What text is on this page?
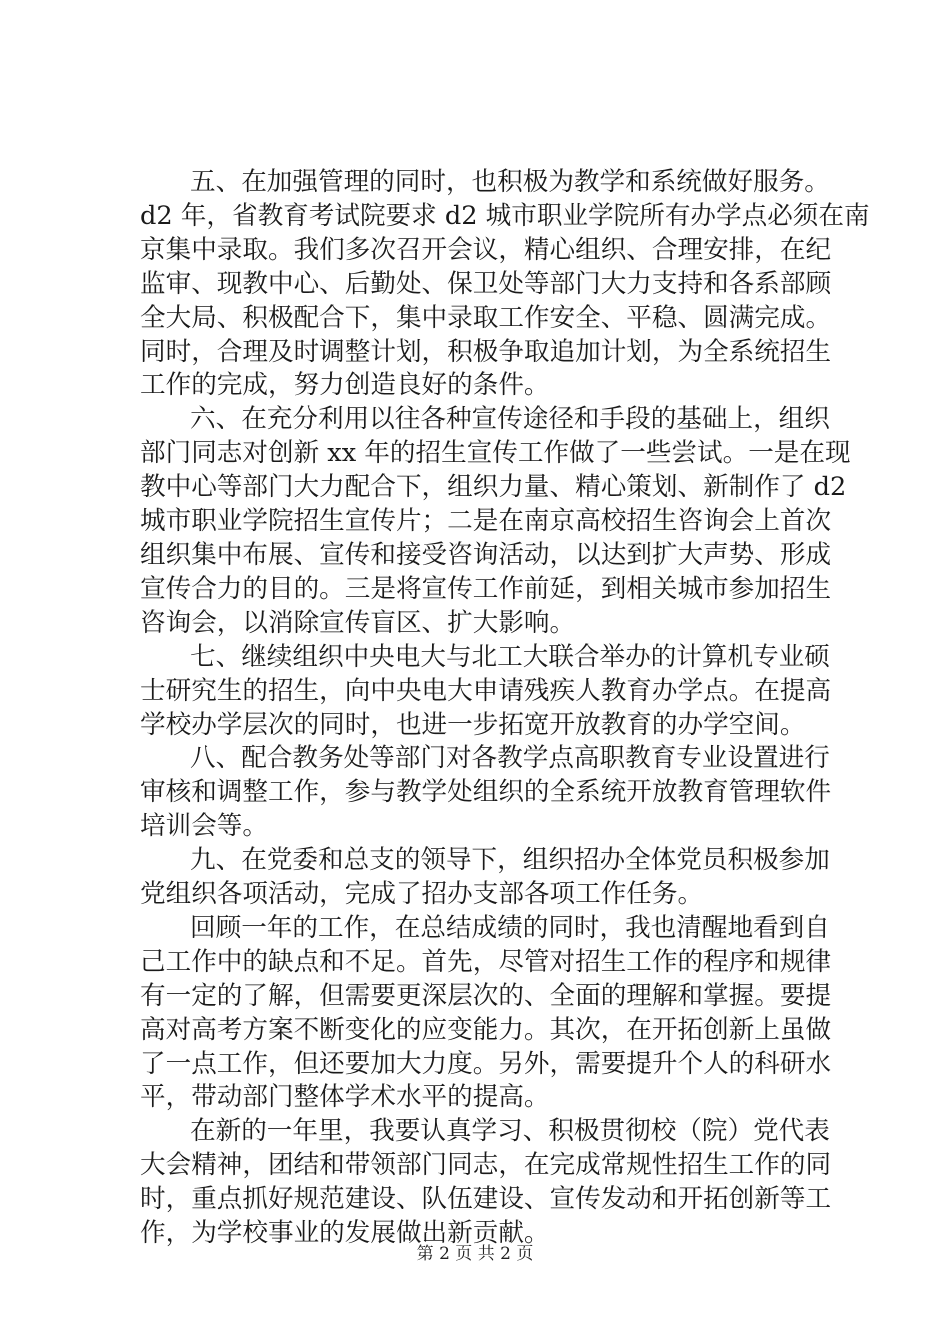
五、在加强管理的同时，也积极为教学和系统做好服务。

d2 年，省教育考试院要求 d2 城市职业学院所有办学点必须在南

京集中录取。我们多次召开会议，精心组织、合理安排，在纪

监审、现教中心、后勤处、保卫处等部门大力支持和各系部顾

全大局、积极配合下，集中录取工作安全、平稳、圆满完成。

同时，合理及时调整计划，积极争取追加计划，为全系统招生

工作的完成，努力创造良好的条件。

六、在充分利用以往各种宣传途径和手段的基础上，组织

部门同志对创新 xx 年的招生宣传工作做了一些尝试。一是在现

教中心等部门大力配合下，组织力量、精心策划、新制作了 d2

城市职业学院招生宣传片；二是在南京高校招生咨询会上首次

组织集中布展、宣传和接受咨询活动，以达到扩大声势、形成

宣传合力的目的。三是将宣传工作前延，到相关城市参加招生

咨询会，以消除宣传盲区、扩大影响。

七、继续组织中央电大与北工大联合举办的计算机专业硕

士研究生的招生，向中央电大申请残疾人教育办学点。在提高

学校办学层次的同时，也进一步拓宽开放教育的办学空间。

八、配合教务处等部门对各教学点高职教育专业设置进行

审核和调整工作，参与教学处组织的全系统开放教育管理软件

培训会等。

九、在党委和总支的领导下，组织招办全体党员积极参加

党组织各项活动，完成了招办支部各项工作任务。

回顾一年的工作，在总结成绩的同时，我也清醒地看到自

己工作中的缺点和不足。首先，尽管对招生工作的程序和规律

有一定的了解，但需要更深层次的、全面的理解和掌握。要提

高对高考方案不断变化的应变能力。其次，在开拓创新上虽做

了一点工作，但还要加大力度。另外，需要提升个人的科研水

平，带动部门整体学术水平的提高。

在新的一年里，我要认真学习、积极贯彻校（院）党代表

大会精神，团结和带领部门同志，在完成常规性招生工作的同

时，重点抓好规范建设、队伍建设、宣传发动和开拓创新等工

作，为学校事业的发展做出新贡献。

第 2 页 共 2 页
